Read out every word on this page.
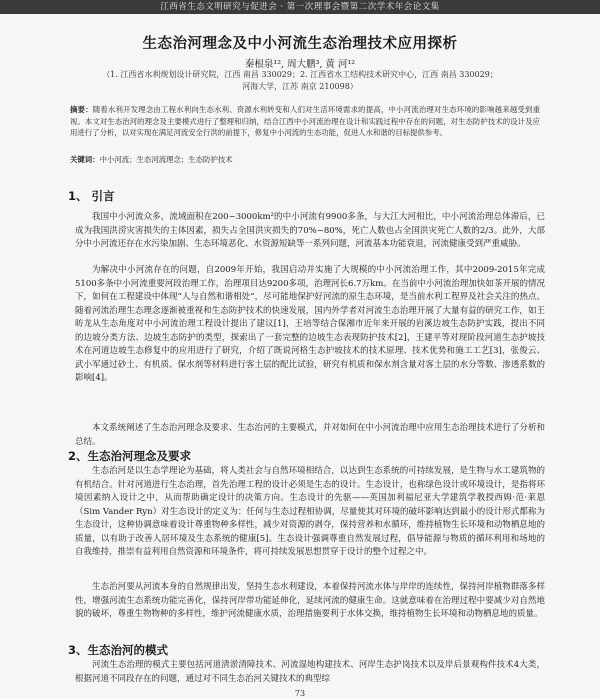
江西省生态文明研究与促进会 · 第一次理事会暨第二次学术年会论文集
生态治河理念及中小河流生态治理技术应用探析
秦根泉¹², 周大鹏³, 黄 河¹²
（1. 江西省水利规划设计研究院，江西 南昌 330029；2. 江西省水工结构技术研究中心，江西 南昌 330029；河海大学，江苏 南京 210098）
摘要：随着水利开发理念由工程水利向生态水利、资源水利转变和人们对生活环境需求的提高，中小河流治理对生态环境的影响越来越受到重视。本文对生态治河的理念及主要模式进行了整理和归纳，结合江西中小河流治理在设计和实践过程中存在的问题，对生态防护技术的设计及应用进行了分析，以对实现在满足河流安全行洪的前提下，修复中小河流的生态功能，促进人水和谐的目标提供参考。
关键词：中小河流；生态河流理念；生态防护技术
1、 引言
我国中小河流众多，流域面积在200~3000km²的中小河流有9900多条，与大江大河相比，中小河流治理总体滞后，已成为我国洪涝灾害损失的主体因素，损失占全国洪灾损失的70%~80%，死亡人数也占全国洪灾死亡人数的2/3。此外，大部分中小河流还存在水污染加剧、生态环境恶化、水资源短缺等一系列问题，河流基本功能衰退，河流健康受到严重威胁。
为解决中小河流存在的问题，自2009年开始，我国启动并实施了大规模的中小河流治理工作，其中2009-2015年完成5100多条中小河流重要河段治理工作，治理项目达9200多项，治理河长6.7万km。在当前中小河流治理加快如茶开展的情况下，如何在工程建设中体现“人与自然和谐相处”，尽可能地保护好河流的原生态环境，是当前水利工程界及社会关注的热点。随着河流治理生态理念逐渐被重视和生态防护技术的快速发展，国内外学者对河流生态治理开展了大量有益的研究工作，如王昉龙从生态角度对中小河流治理工程设计提出了建议[1]，王培等结合保湘市近年来开展的岩溪边坡生态防护实践，提出不同的边坡分类方法、边坡生态防护的类型，探索出了一套完整的边坡生态表现防护技术[2]，王建平等对现阶段河道生态护坡技术在河道边坡生态修复中的应用进行了研究，介绍了既说河格生态护坡技术的技术原理、技术优势和施工工艺[3]，张俊云、武小军通过砂土、有机质、保水剂等材料进行客土层的配比试验，研究有机质和保水剂含量对客土层的水分等数、渗透系数的影响[4]。
本文系统阐述了生态治河理念及要求、生态治河的主要模式，并对如何在中小河流治理中应用生态治理技术进行了分析和总结。
2、生态治河理念及要求
生态治河是以生态学理论为基础，将人类社会与自然环境相结合，以达到生态系统的可持续发展，是生物与水工建筑物的有机结合。针对河道进行生态治理，首先治理工程的设计必须是生态的设计。生态设计，也称绿色设计或环境设计，是指将环境因素纳入设计之中，从而帮助确定设计的决策方向。生态设计的先驱——英国加利福尼亚大学建筑学教授西姆·范·莱恩（Sim Vander Ryn）对生态设计的定义为：任何与生态过程相协调，尽量使其对环境的破坏影响达到最小的设计形式都称为生态设计，这种协调意味着设计尊重物种多样性，减少对资源的剥夺，保持营养和水循环，维持植物生长环境和动物栖息地的质量，以有助于改善人居环境及生态系统的健康[5]。生态设计强调尊重自然发展过程，倡导能源与物质的循环利用和场地的自我维持，推崇有益利用自然资源和环境条件，将可持续发展思想贯穿于设计的整个过程之中。
生态治河要从河流本身的自然规律出发，坚持生态水利建设，本着保持河流水体与岸岸的连续性，保持河岸植物群落多样性，增强河流生态系统功能完善化，保持河岸带功能延伸化，延续河流的健康生命。这就意味着在治理过程中要减少对自然地貌的破坏，尊重生物物种的多样性，维护河流健康水质，治理措施要利于水体交换，维持植物生长环境和动物栖息地的质量。
3、生态治河的模式
河流生态治理的模式主要包括河道清淤清障技术、河流湿地构建技术、河岸生态护岗技术以及岸后景观构件技术4大类，根据河道不同段存在的问题，通过对不同生态治河关键技术的典型综
73
